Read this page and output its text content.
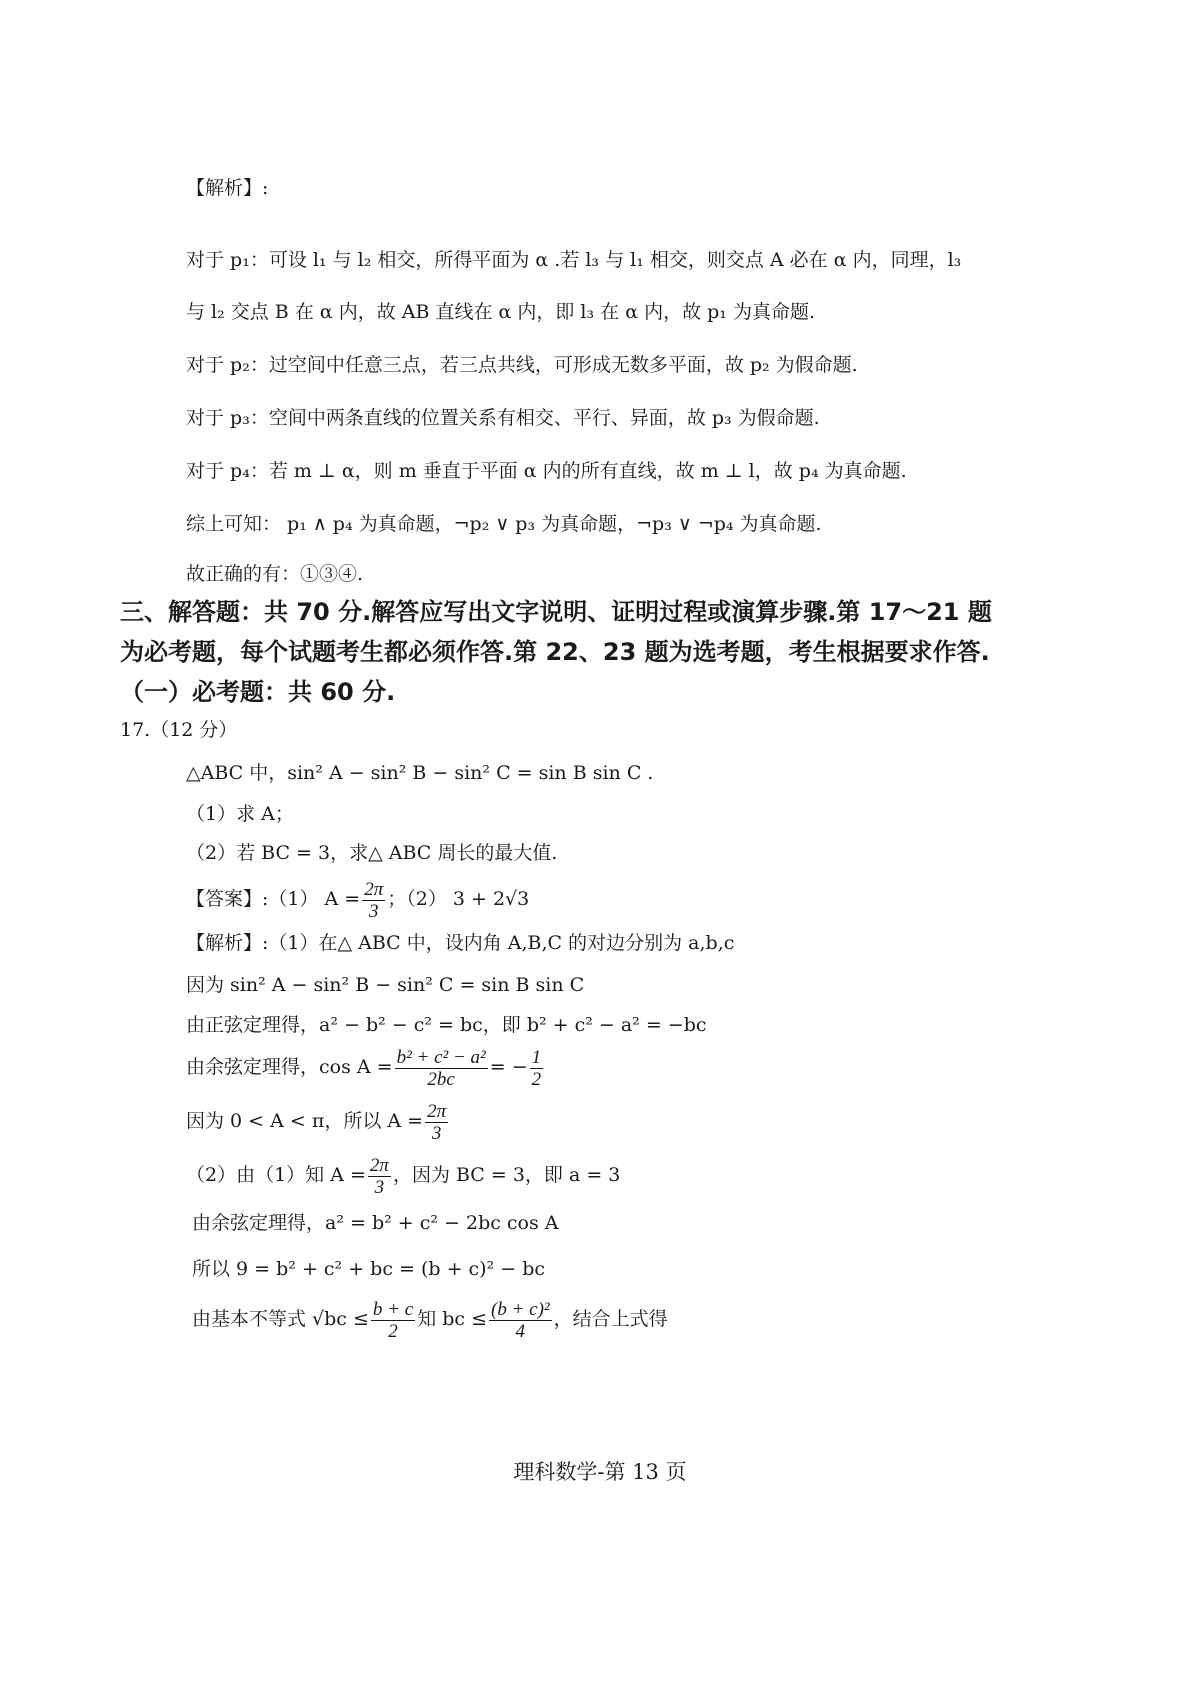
【解析】:
对于 p₁：可设 l₁ 与 l₂ 相交，所得平面为 α .若 l₃ 与 l₁ 相交，则交点 A 必在 α 内，同理，l₃
与 l₂ 交点 B 在 α 内，故 AB 直线在 α 内，即 l₃ 在 α 内，故 p₁ 为真命题.
对于 p₂：过空间中任意三点，若三点共线，可形成无数多平面，故 p₂ 为假命题.
对于 p₃：空间中两条直线的位置关系有相交、平行、异面，故 p₃ 为假命题.
对于 p₄：若 m ⊥ α，则 m 垂直于平面 α 内的所有直线，故 m ⊥ l，故 p₄ 为真命题.
综上可知： p₁ ∧ p₄ 为真命题，¬p₂ ∨ p₃ 为真命题，¬p₃ ∨ ¬p₄ 为真命题.
故正确的有：①③④.
三、解答题：共 70 分.解答应写出文字说明、证明过程或演算步骤.第 17～21 题
为必考题，每个试题考生都必须作答.第 22、23 题为选考题，考生根据要求作答.
（一）必考题：共 60 分.
17.（12 分）
△ABC 中，sin² A − sin² B − sin² C = sin B sin C .
（1）求 A；
（2）若 BC = 3，求△ ABC 周长的最大值.
【答案】:（1） $A = \frac{2\pi}{3}$ ；（2） 3 + 2√3
【解析】:（1）在△ ABC 中，设内角 A,B,C 的对边分别为 a,b,c
因为 sin² A − sin² B − sin² C = sin B sin C
由正弦定理得，a² − b² − c² = bc，即 b² + c² − a² = −bc
由余弦定理得，$\cos A = \frac{\text{b² + c² − a²}}{2bc}$ = − $\frac{1}{2}$
因为 0 < A < π，所以 $A = \frac{2\pi}{3}$
（2）由（1）知 $A = \frac{2\pi}{3}$ ，因为 BC = 3，即 a = 3
由余弦定理得，a² = b² + c² − 2bc cos A
所以 9 = b² + c² + bc = (b + c)² − bc
由基本不等式 $√bc \le \frac{b + c}{2}$ 知 bc ≤ $\frac{\text{(b + c)²}}{4}$ ，结合上式得
理科数学-第 13 页
